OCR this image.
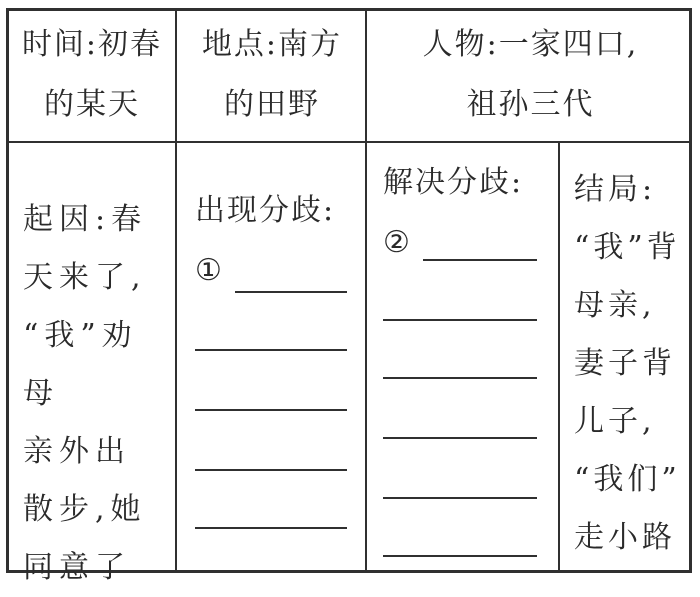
时间:初春
的某天
地点:南方
的田野
人物:一家四口,
祖孙三代
起因:春
天来了,
“我”劝母
亲外出
散步,她
同意了
出现分歧:
①
解决分歧:
②
结局:
“我”背
母亲,
妻子背
儿子,
“我们”
走小路
